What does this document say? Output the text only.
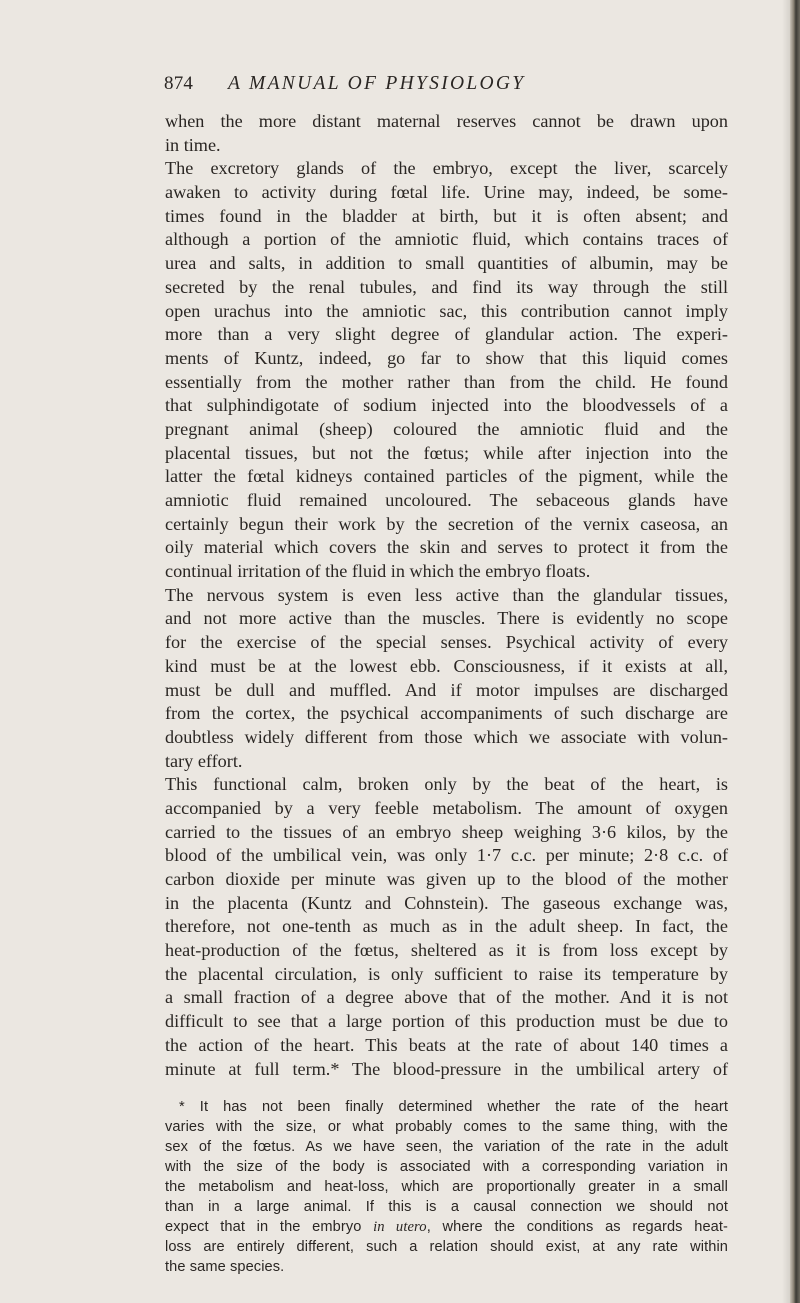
874 A MANUAL OF PHYSIOLOGY
when the more distant maternal reserves cannot be drawn upon
in time.
The excretory glands of the embryo, except the liver, scarcely
awaken to activity during fœtal life. Urine may, indeed, be some-
times found in the bladder at birth, but it is often absent; and
although a portion of the amniotic fluid, which contains traces of
urea and salts, in addition to small quantities of albumin, may be
secreted by the renal tubules, and find its way through the still
open urachus into the amniotic sac, this contribution cannot imply
more than a very slight degree of glandular action. The experi-
ments of Kuntz, indeed, go far to show that this liquid comes
essentially from the mother rather than from the child. He found
that sulphindigotate of sodium injected into the bloodvessels of a
pregnant animal (sheep) coloured the amniotic fluid and the
placental tissues, but not the fœtus; while after injection into the
latter the fœtal kidneys contained particles of the pigment, while the
amniotic fluid remained uncoloured. The sebaceous glands have
certainly begun their work by the secretion of the vernix caseosa, an
oily material which covers the skin and serves to protect it from the
continual irritation of the fluid in which the embryo floats.
The nervous system is even less active than the glandular tissues,
and not more active than the muscles. There is evidently no scope
for the exercise of the special senses. Psychical activity of every
kind must be at the lowest ebb. Consciousness, if it exists at all,
must be dull and muffled. And if motor impulses are discharged
from the cortex, the psychical accompaniments of such discharge are
doubtless widely different from those which we associate with volun-
tary effort.
This functional calm, broken only by the beat of the heart, is
accompanied by a very feeble metabolism. The amount of oxygen
carried to the tissues of an embryo sheep weighing 3·6 kilos, by the
blood of the umbilical vein, was only 1·7 c.c. per minute; 2·8 c.c. of
carbon dioxide per minute was given up to the blood of the mother
in the placenta (Kuntz and Cohnstein). The gaseous exchange was,
therefore, not one-tenth as much as in the adult sheep. In fact, the
heat-production of the fœtus, sheltered as it is from loss except by
the placental circulation, is only sufficient to raise its temperature by
a small fraction of a degree above that of the mother. And it is not
difficult to see that a large portion of this production must be due to
the action of the heart. This beats at the rate of about 140 times a
minute at full term.* The blood-pressure in the umbilical artery of
* It has not been finally determined whether the rate of the heart
varies with the size, or what probably comes to the same thing, with the
sex of the fœtus. As we have seen, the variation of the rate in the adult
with the size of the body is associated with a corresponding variation in
the metabolism and heat-loss, which are proportionally greater in a small
than in a large animal. If this is a causal connection we should not
expect that in the embryo in utero, where the conditions as regards heat-
loss are entirely different, such a relation should exist, at any rate within
the same species.
